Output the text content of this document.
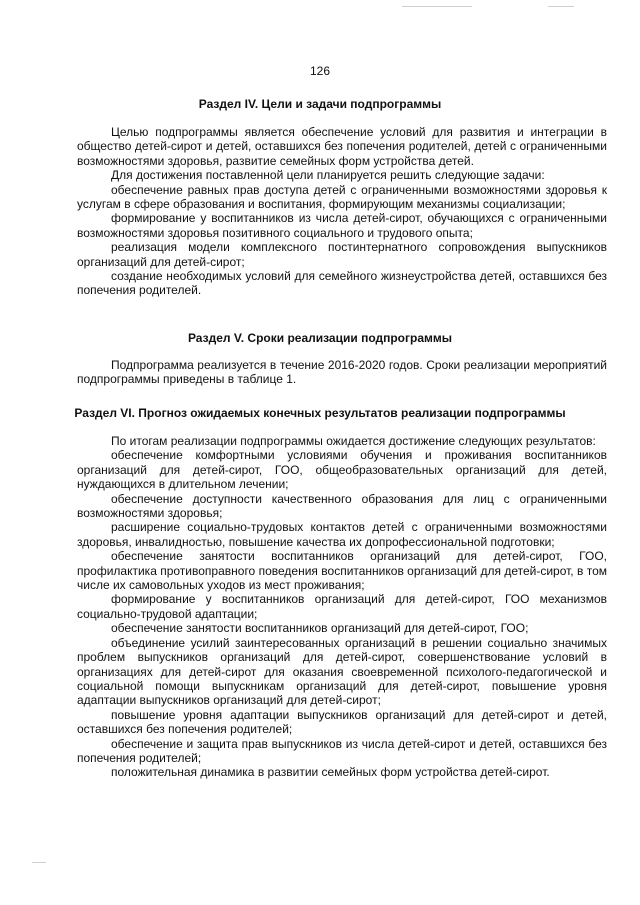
126
Раздел IV. Цели и задачи подпрограммы

Целью подпрограммы является обеспечение условий для развития и интеграции в общество детей-сирот и детей, оставшихся без попечения родителей, детей с ограниченными возможностями здоровья, развитие семейных форм устройства детей.

Для достижения поставленной цели планируется решить следующие задачи:

обеспечение равных прав доступа детей с ограниченными возможностями здоровья к услугам в сфере образования и воспитания, формирующим механизмы социализации;

формирование у воспитанников из числа детей-сирот, обучающихся с ограниченными возможностями здоровья позитивного социального и трудового опыта;

реализация модели комплексного постинтернатного сопровождения выпускников организаций для детей-сирот;

создание необходимых условий для семейного жизнеустройства детей, оставшихся без попечения родителей.

Раздел V. Сроки реализации подпрограммы

Подпрограмма реализуется в течение 2016-2020 годов. Сроки реализации мероприятий подпрограммы приведены в таблице 1.

Раздел VI. Прогноз ожидаемых конечных результатов реализации подпрограммы

По итогам реализации подпрограммы ожидается достижение следующих результатов:

обеспечение комфортными условиями обучения и проживания воспитанников организаций для детей-сирот, ГОО, общеобразовательных организаций для детей, нуждающихся в длительном лечении;

обеспечение доступности качественного образования для лиц с ограниченными возможностями здоровья;

расширение социально-трудовых контактов детей с ограниченными возможностями здоровья, инвалидностью, повышение качества их допрофессиональной подготовки;

обеспечение занятости воспитанников организаций для детей-сирот, ГОО, профилактика противоправного поведения воспитанников организаций для детей-сирот, в том числе их самовольных уходов из мест проживания;

формирование у воспитанников организаций для детей-сирот, ГОО механизмов социально-трудовой адаптации;

обеспечение занятости воспитанников организаций для детей-сирот, ГОО;

объединение усилий заинтересованных организаций в решении социально значимых проблем выпускников организаций для детей-сирот, совершенствование условий в организациях для детей-сирот для оказания своевременной психолого-педагогической и социальной помощи выпускникам организаций для детей-сирот, повышение уровня адаптации выпускников организаций для детей-сирот;

повышение уровня адаптации выпускников организаций для детей-сирот и детей, оставшихся без попечения родителей;

обеспечение и защита прав выпускников из числа детей-сирот и детей, оставшихся без попечения родителей;

положительная динамика в развитии семейных форм устройства детей-сирот.
